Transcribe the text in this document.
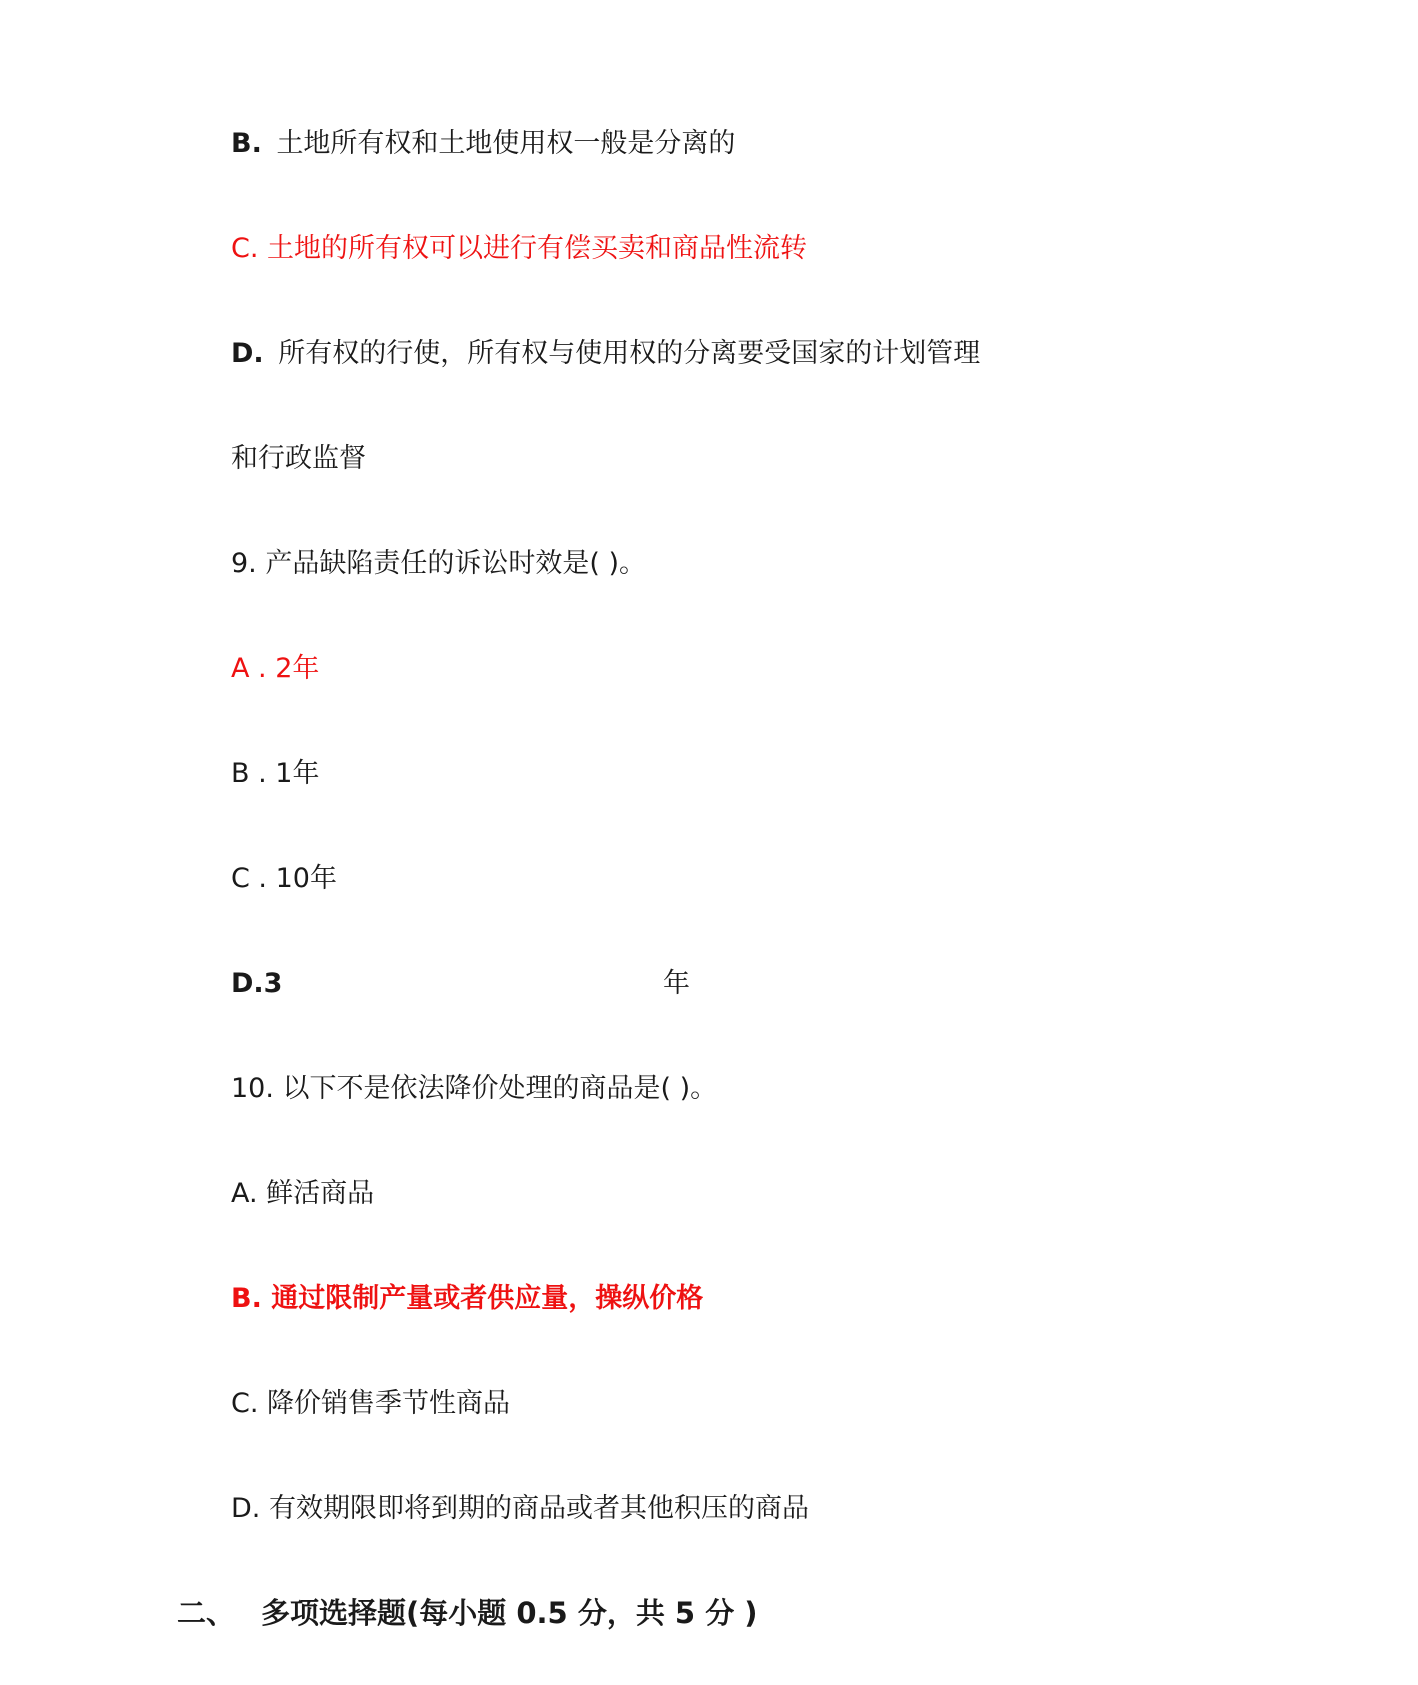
B. 土地所有权和土地使用权一般是分离的
C. 土地的所有权可以进行有偿买卖和商品性流转
D. 所有权的行使，所有权与使用权的分离要受国家的计划管理
和行政监督
9. 产品缺陷责任的诉讼时效是( )。
A . 2年
B . 1年
C . 10年
D.3	年
10. 以下不是依法降价处理的商品是( )。
A. 鲜活商品
B. 通过限制产量或者供应量，操纵价格
C. 降价销售季节性商品
D. 有效期限即将到期的商品或者其他积压的商品
二、 多项选择题(每小题 0.5 分，共 5 分 )
